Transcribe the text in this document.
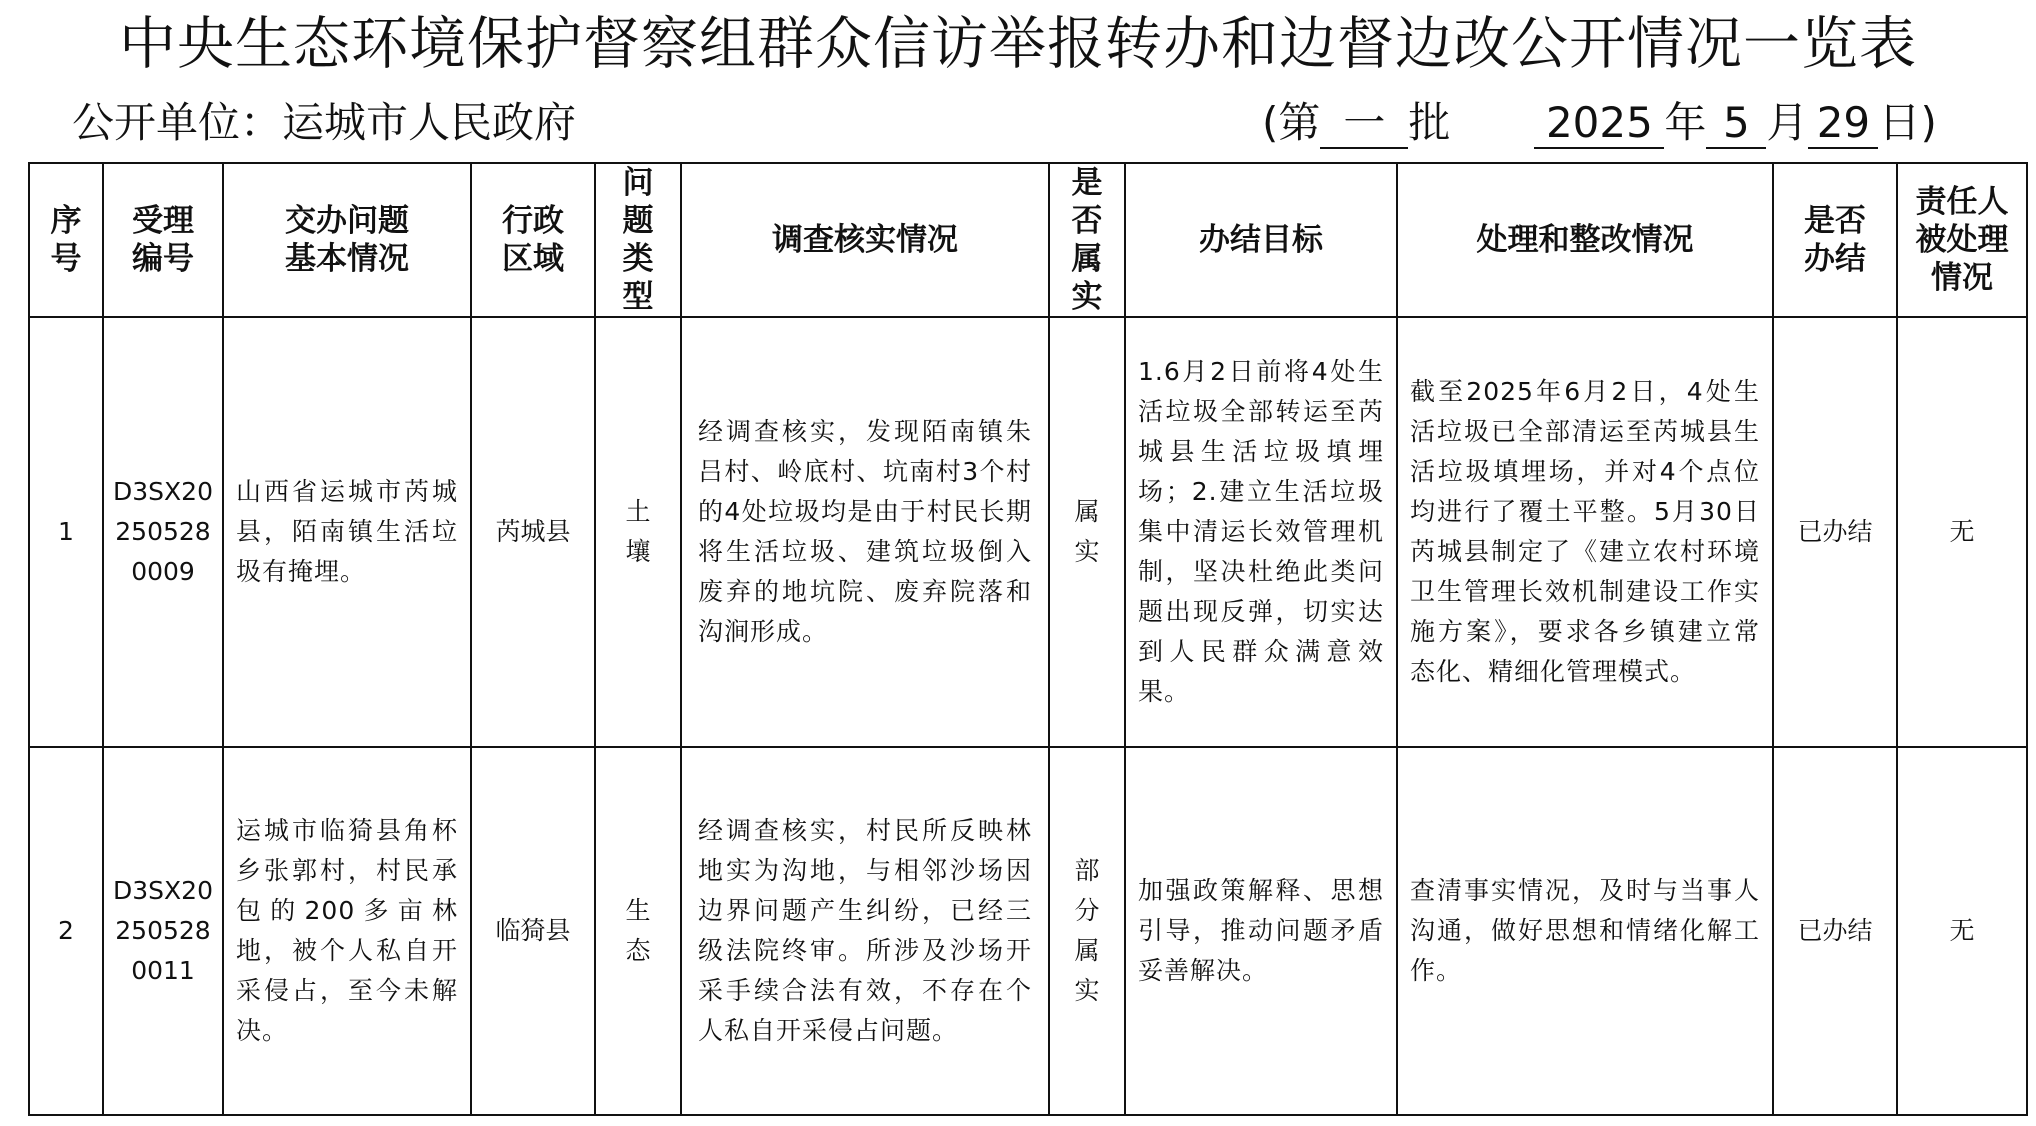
中央生态环境保护督察组群众信访举报转办和边督边改公开情况一览表
公开单位：运城市人民政府	(第 一 批 2025 年 5 月 29 日)
序号	受理编号	交办问题基本情况	行政区域	问题类型	调查核实情况	是否属实	办结目标	处理和整改情况	是否办结	责任人被处理情况

1	D3SX20250528 0009	山西省运城市芮城县，陌南镇生活垃圾有掩埋。	芮城县	土壤	经调查核实，发现陌南镇朱吕村、岭底村、坑南村3个村的4处垃圾均是由于村民长期将生活垃圾、建筑垃圾倒入废弃的地坑院、废弃院落和沟涧形成。	属实	1.6月2日前将4处生活垃圾全部转运至芮城县生活垃圾填埋场；2.建立生活垃圾集中清运长效管理机制，坚决杜绝此类问题出现反弹，切实达到人民群众满意效果。	截至2025年6月2日，4处生活垃圾已全部清运至芮城县生活垃圾填埋场，并对4个点位均进行了覆土平整。5月30日芮城县制定了《建立农村环境卫生管理长效机制建设工作实施方案》，要求各乡镇建立常态化、精细化管理模式。	已办结	无
2	D3SX20250528 0011	运城市临猗县角杯乡张郭村，村民承包的200多亩林地，被个人私自开采侵占，至今未解决。	临猗县	生态	经调查核实，村民所反映林地实为沟地，与相邻沙场因边界问题产生纠纷，已经三级法院终审。所涉及沙场开采手续合法有效，不存在个人私自开采侵占问题。	部分属实	加强政策解释、思想引导，推动问题矛盾妥善解决。	查清事实情况，及时与当事人沟通，做好思想和情绪化解工作。	已办结	无
